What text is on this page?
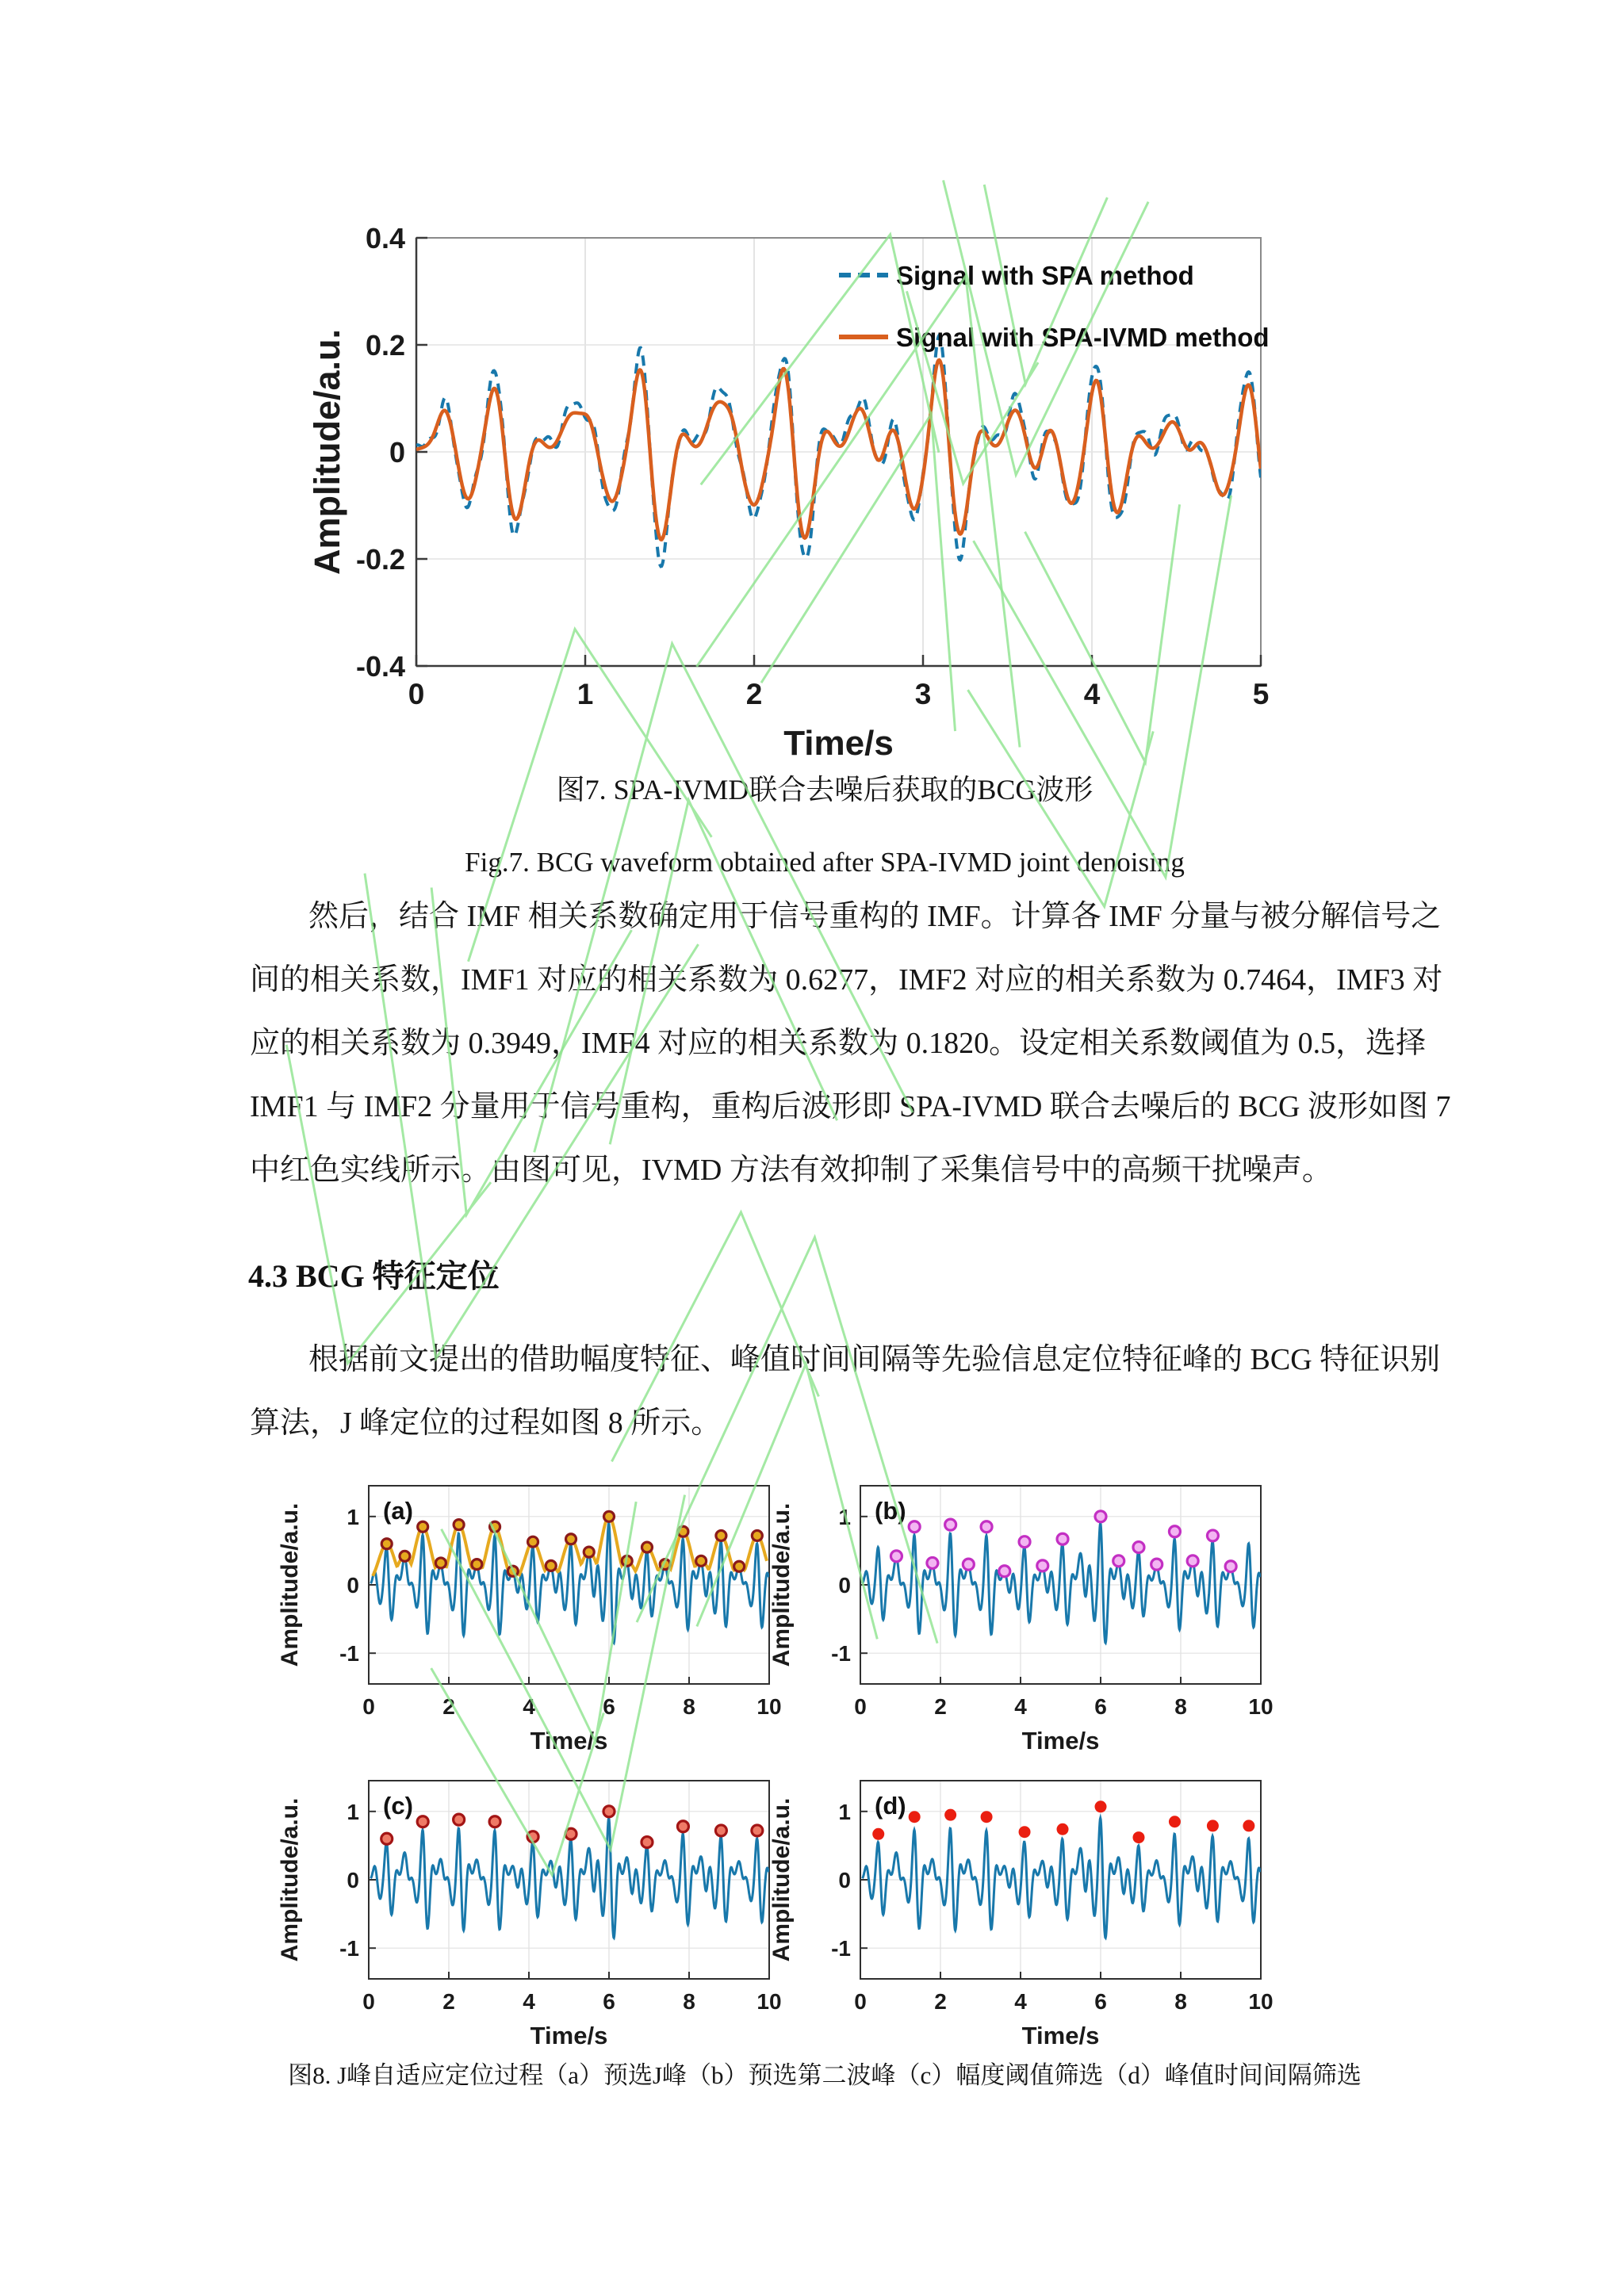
0.4
0.2
0
-0.2
-0.4
0	1	2	3	4	5
Time/s
Amplitude/a.u.
Signal with SPA method
Signal with SPA-IVMD method
图7. SPA-IVMD联合去噪后获取的BCG波形
Fig.7. BCG waveform obtained after SPA-IVMD joint denoising
然后，结合 IMF 相关系数确定用于信号重构的 IMF。计算各 IMF 分量与被分解信号之
间的相关系数，IMF1 对应的相关系数为 0.6277，IMF2 对应的相关系数为 0.7464，IMF3 对
应的相关系数为 0.3949，IMF4 对应的相关系数为 0.1820。设定相关系数阈值为 0.5，选择
IMF1 与 IMF2 分量用于信号重构，重构后波形即 SPA-IVMD 联合去噪后的 BCG 波形如图 7
中红色实线所示。由图可见，IVMD 方法有效抑制了采集信号中的高频干扰噪声。
4.3 BCG 特征定位
根据前文提出的借助幅度特征、峰值时间间隔等先验信息定位特征峰的 BCG 特征识别
算法，J 峰定位的过程如图 8 所示。
1
0
-1
0	2	4	6	8	10
Time/s
Amplitude/a.u.	(a)	1
0
-1
0	2	4	6	8	10
Time/s
Amplitude/a.u.	(b)
1
0
-1
0	2	4	6	8	10
Time/s
Amplitude/a.u.	(c)	1
0
-1
0	2	4	6	8	10
Time/s
Amplitude/a.u.	(d)
图8. J峰自适应定位过程（a）预选J峰（b）预选第二波峰（c）幅度阈值筛选（d）峰值时间间隔筛选
